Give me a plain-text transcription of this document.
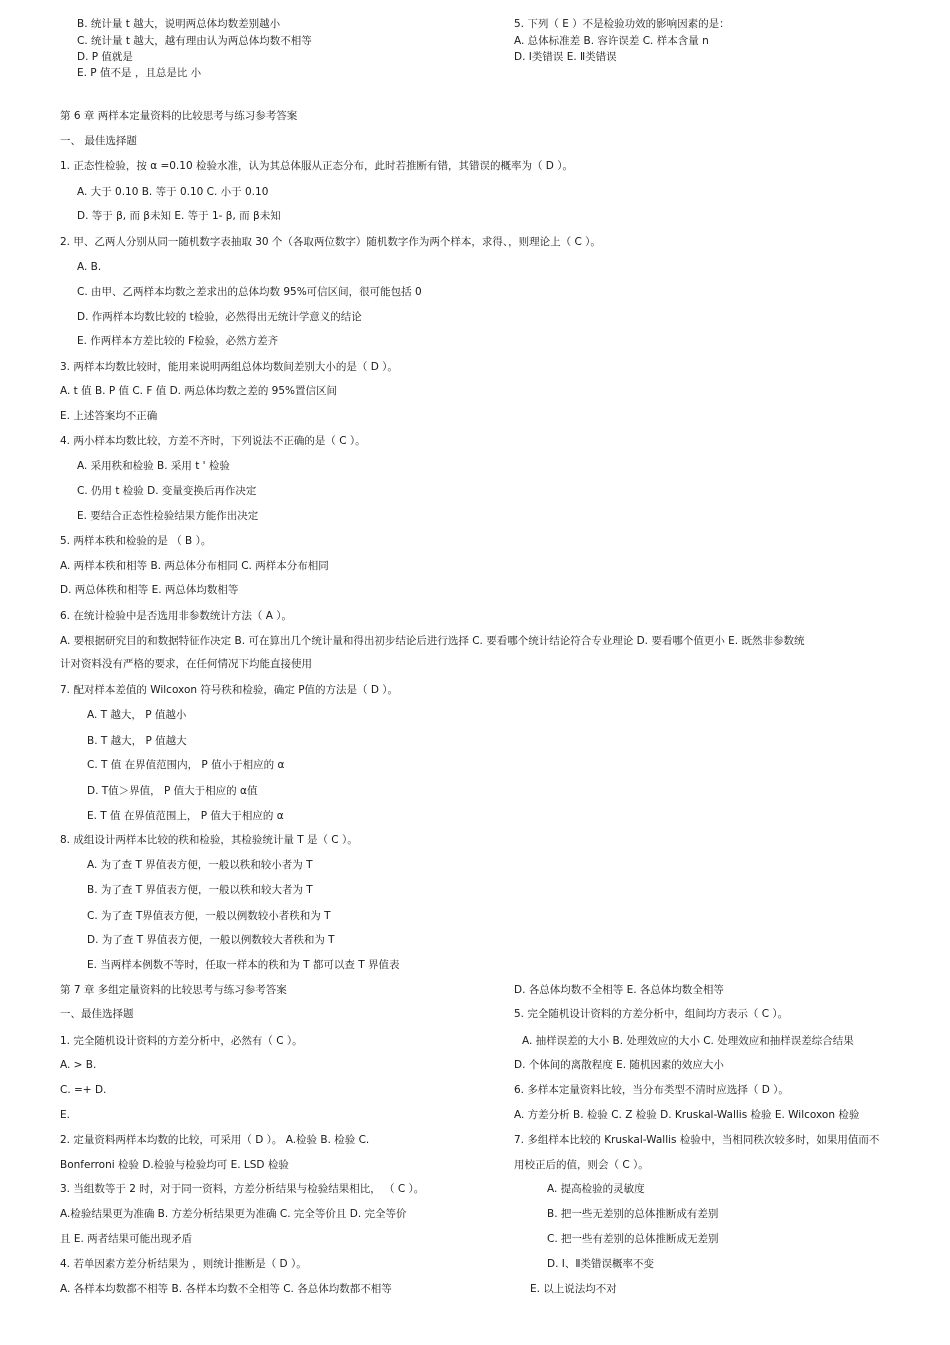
B. 统计量 t 越大，说明两总体均数差别越小
C. 统计量 t 越大，越有理由认为两总体均数不相等
D. P 值就是
E. P 值不是 ，且总是比 小
5. 下列（ E ）不是检验功效的影响因素的是：
A. 总体标准差 B. 容许误差 C. 样本含量 n
D. Ⅰ类错误 E. Ⅱ类错误
第 6 章 两样本定量资料的比较思考与练习参考答案
一、 最佳选择题
1. 正态性检验，按 α =0.10 检验水准，认为其总体服从正态分布，此时若推断有错，其错误的概率为（ D ）。
A. 大于 0.10 B. 等于 0.10 C. 小于 0.10
D. 等于 β, 而 β未知 E. 等于 1- β, 而 β未知
2. 甲、乙两人分别从同一随机数字表抽取 30 个（各取两位数字）随机数字作为两个样本，求得、，则理论上（ C ）。
A. B.
C. 由甲、乙两样本均数之差求出的总体均数 95%可信区间，很可能包括 0
D. 作两样本均数比较的 t检验，必然得出无统计学意义的结论
E. 作两样本方差比较的 F检验，必然方差齐
3. 两样本均数比较时，能用来说明两组总体均数间差别大小的是（ D ）。
A. t 值 B. P 值 C. F 值 D. 两总体均数之差的 95%置信区间
E. 上述答案均不正确
4. 两小样本均数比较，方差不齐时，下列说法不正确的是（ C ）。
A. 采用秩和检验 B. 采用 t ' 检验
C. 仍用 t 检验 D. 变量变换后再作决定
E. 要结合正态性检验结果方能作出决定
5. 两样本秩和检验的是 （ B ）。
A. 两样本秩和相等 B. 两总体分布相同 C. 两样本分布相同
D. 两总体秩和相等 E. 两总体均数相等
6. 在统计检验中是否选用非参数统计方法（ A ）。
A. 要根据研究目的和数据特征作决定 B. 可在算出几个统计量和得出初步结论后进行选择 C. 要看哪个统计结论符合专业理论 D. 要看哪个值更小 E. 既然非参数统
计对资料没有严格的要求，在任何情况下均能直接使用
7. 配对样本差值的 Wilcoxon 符号秩和检验，确定 P值的方法是（ D ）。
A. T 越大， P 值越小
B. T 越大， P 值越大
C. T 值 在界值范围内， P 值小于相应的 α
D. T值＞界值， P 值大于相应的 α值
E. T 值 在界值范围上， P 值大于相应的 α
8. 成组设计两样本比较的秩和检验，其检验统计量 T 是（ C ）。
A. 为了查 T 界值表方便，一般以秩和较小者为 T
B. 为了查 T 界值表方便，一般以秩和较大者为 T
C. 为了查 T界值表方便，一般以例数较小者秩和为 T
D. 为了查 T 界值表方便，一般以例数较大者秩和为 T
E. 当两样本例数不等时，任取一样本的秩和为 T 都可以查 T 界值表
第 7 章 多组定量资料的比较思考与练习参考答案
一、最佳选择题
1. 完全随机设计资料的方差分析中，必然有（ C ）。
A. > B.
C. =+ D.
E.
2. 定量资料两样本均数的比较，可采用（ D ）。 A.检验 B. 检验 C.
Bonferroni 检验 D.检验与检验均可 E. LSD 检验
3. 当组数等于 2 时，对于同一资料，方差分析结果与检验结果相比， （ C ）。
A.检验结果更为准确 B. 方差分析结果更为准确 C. 完全等价且 D. 完全等价
且 E. 两者结果可能出现矛盾
4. 若单因素方差分析结果为 ，则统计推断是（ D ）。
A. 各样本均数都不相等 B. 各样本均数不全相等 C. 各总体均数都不相等
D. 各总体均数不全相等 E. 各总体均数全相等
5. 完全随机设计资料的方差分析中，组间均方表示（ C ）。
A. 抽样误差的大小 B. 处理效应的大小 C. 处理效应和抽样误差综合结果
D. 个体间的离散程度 E. 随机因素的效应大小
6. 多样本定量资料比较，当分布类型不清时应选择（ D ）。
A. 方差分析 B. 检验 C. Z 检验 D. Kruskal-Wallis 检验 E. Wilcoxon 检验
7. 多组样本比较的 Kruskal-Wallis 检验中，当相同秩次较多时，如果用值而不
用校正后的值，则会（ C ）。
A. 提高检验的灵敏度
B. 把一些无差别的总体推断成有差别
C. 把一些有差别的总体推断成无差别
D. Ⅰ、Ⅱ类错误概率不变
E. 以上说法均不对
